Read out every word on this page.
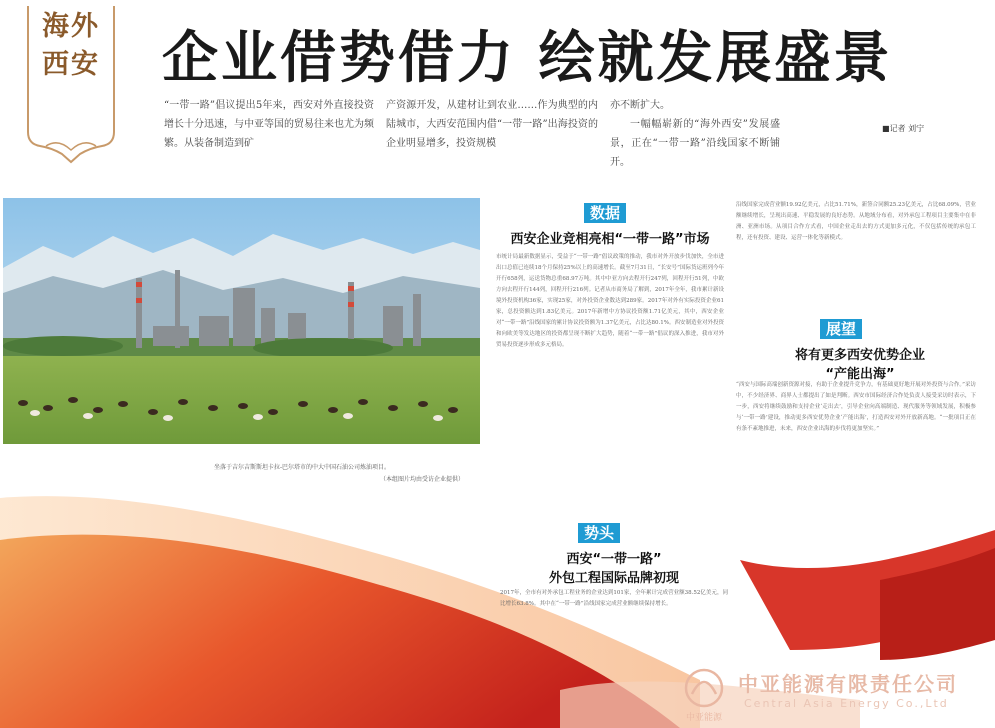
海外
西安 企业借势借力 绘就发展盛景
“一带一路”倡议提出5年来，西安对外直接投资增长十分迅速，与中亚等国的贸易往来也尤为频繁。从装备制造到矿
产资源开发，从建材让到农业……作为典型的内陆城市，大西安范围内借“一带一路”出海投资的企业明显增多，投资规模
亦不断扩大。
一幅幅崭新的“海外西安”发展盛景，正在“一带一路”沿线国家不断铺开。
■记者 刘宁
坐落于吉尔吉斯斯坦卡拉-巴尔塔市的中大中国石油公司炼油项目。
（本组图片均由受访企业提供）
数据
西安企业竞相亮相“一带一路”市场
市统计局最新数据显示，受益于“一带一路”倡议政策的推动，我市对外开放步伐加快，全市进出口总值已连续18个月保持25%以上的高速增长。截至7月31日，“长安号”国际货运班列今年开行658列，运送货物总重68.97万吨。其中中亚方向去程开行247列，回程开行51列，中欧方向去程开行144列，回程开行216列。记者从市商务局了解到，2017年全年，我市累计新设境外投资机构36家，实现25家，对外投资企业数达到289家。2017年对外有实际投资企业61家，总投资额达到1.83亿美元。2017年新增中方协议投资额1.71亿美元，其中，西安企业对“一带一路”沿线国家的累计协议投资额为1.37亿美元，占比达80.1%。西安制造业对外投资和向欧美等发达地区的投资都呈现不断扩大趋势，随着“一带一路”倡议的深入推进，我市对外贸易投资逐步形成多元格局。
沿线国家完成营业额19.92亿美元，占比51.71%，新签合同额25.23亿美元，占比68.09%，营业额继续增长，呈现出高速、平稳发展的良好态势。从地域分布看，对外承包工程项目主要集中在非洲、亚洲市场。从项目合作方式看，中国企业走出去的方式更加多元化，不仅包括传统的承包工程，还有投资、建设、运营一体化等新模式。
展望
将有更多西安优势企业
“产能出海”
“西安与国际高端创新资源对接，有助于企业提升竞争力，有基础更好地开展对外投资与合作。”采访中，不少经济界、商界人士都提出了如是判断。西安市国际经济合作处负责人接受采访时表示，下一步，西安将继续鼓励和支持企业‘走出去’，引导企业向高端制造、现代服务等领域发展，积极参与‘一带一路’建设，推动更多西安优势企业‘产能出海’，打造西安对外开放新高地。“一批项目正在有条不紊地推进，未来，西安企业出海的步伐将更加坚实。”
势头
西安“一带一路”
外包工程国际品牌初现
2017年，全市有对外承包工程业务的企业达到101家，全年累计完成营业额38.52亿美元，同比增长63.8%。其中在“一带一路”沿线国家完成营业额继续保持增长。
中亚能源
中亚能源有限责任公司
Central Asia Energy Co.,Ltd
